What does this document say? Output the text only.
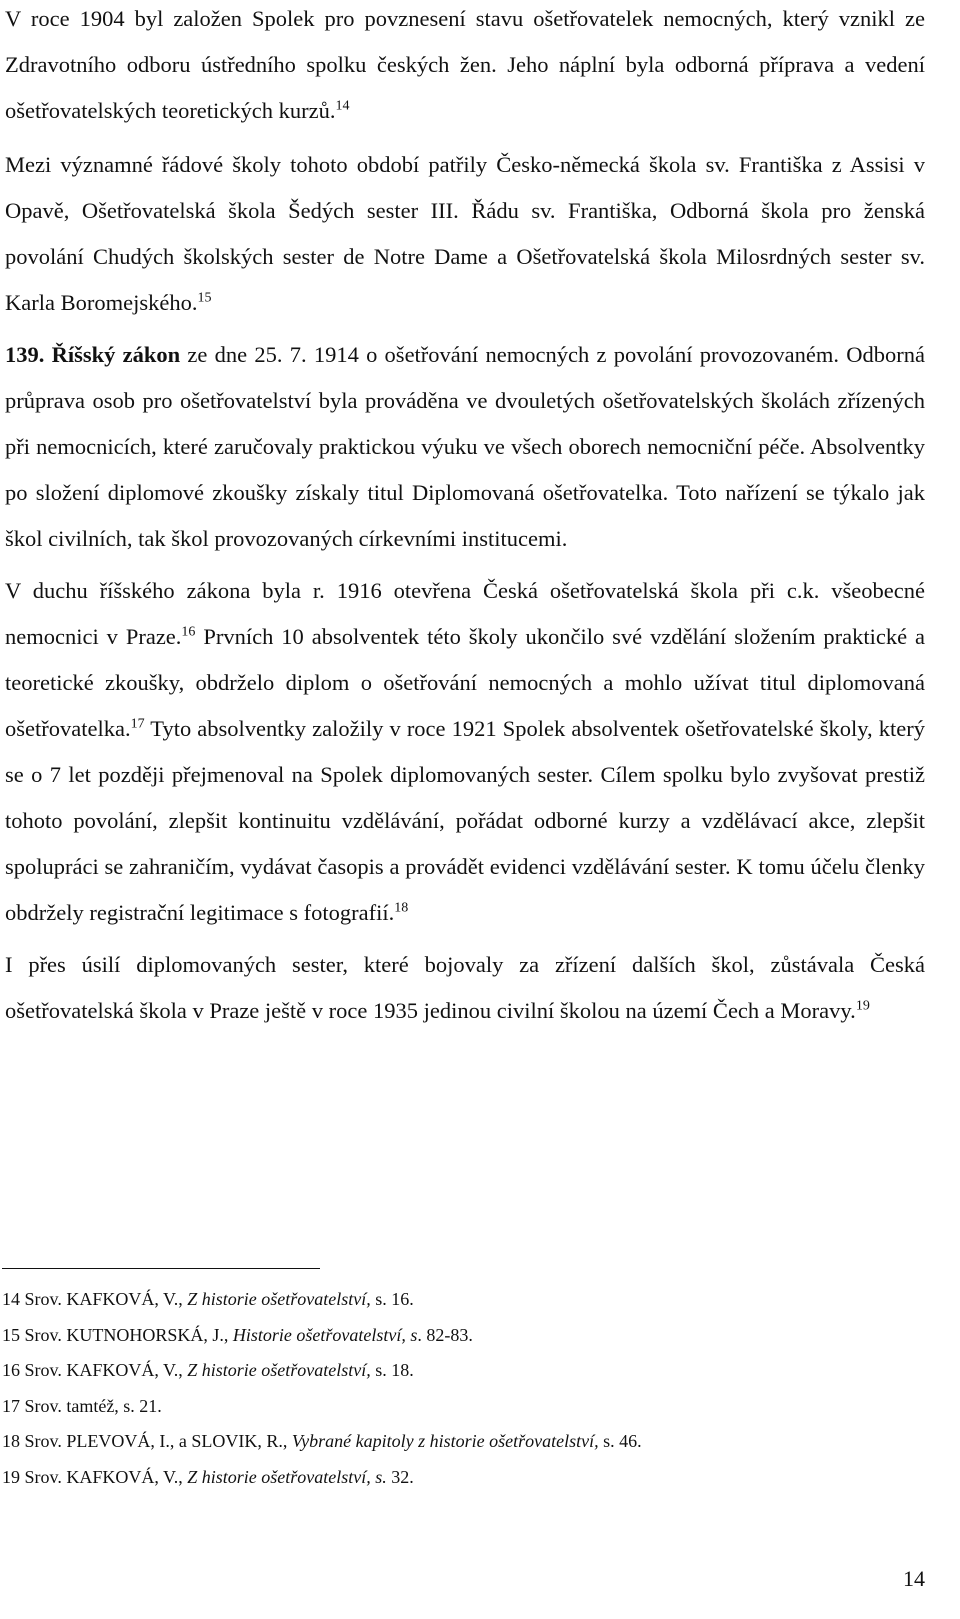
V roce 1904 byl založen Spolek pro povznesení stavu ošetřovatelek nemocných, který vznikl ze Zdravotního odboru ústředního spolku českých žen. Jeho náplní byla odborná příprava a vedení ošetřovatelských teoretických kurzů.$^{14}$

Mezi významné řádové školy tohoto období patřily Česko-německá škola sv. Františka z Assisi v Opavě, Ošetřovatelská škola Šedých sester III. Řádu sv. Františka, Odborná škola pro ženská povolání Chudých školských sester de Notre Dame a Ošetřovatelská škola Milosrdných sester sv. Karla Boromejského.$^{15}$

139. Říšský zákon ze dne 25. 7. 1914 o ošetřování nemocných z povolání provozovaném. Odborná průprava osob pro ošetřovatelství byla prováděna ve dvouletých ošetřovatelských školách zřízených při nemocnicích, které zaručovaly praktickou výuku ve všech oborech nemocniční péče. Absolventky po složení diplomové zkoušky získaly titul Diplomovaná ošetřovatelka. Toto nařízení se týkalo jak škol civilních, tak škol provozovaných církevními institucemi.

V duchu říšského zákona byla r. 1916 otevřena Česká ošetřovatelská škola při c.k. všeobecné nemocnici v Praze.$^{16}$ Prvních 10 absolventek této školy ukončilo své vzdělání složením praktické a teoretické zkoušky, obdrželo diplom o ošetřování nemocných a mohlo užívat titul diplomovaná ošetřovatelka.$^{17}$ Tyto absolventky založily v roce 1921 Spolek absolventek ošetřovatelské školy, který se o 7 let později přejmenoval na Spolek diplomovaných sester. Cílem spolku bylo zvyšovat prestiž tohoto povolání, zlepšit kontinuitu vzdělávání, pořádat odborné kurzy a vzdělávací akce, zlepšit spolupráci se zahraničím, vydávat časopis a provádět evidenci vzdělávání sester. K tomu účelu členky obdržely registrační legitimace s fotografií.$^{18}$

I přes úsilí diplomovaných sester, které bojovaly za zřízení dalších škol, zůstávala Česká ošetřovatelská škola v Praze ještě v roce 1935 jedinou civilní školou na území Čech a Moravy.$^{19}$

14 Srov. KAFKOVÁ, V., Z historie ošetřovatelství, s. 16.

15 Srov. KUTNOHORSKÁ, J., Historie ošetřovatelství, s. 82-83.

16 Srov. KAFKOVÁ, V., Z historie ošetřovatelství, s. 18.

17 Srov. tamtéž, s. 21.

18 Srov. PLEVOVÁ, I., a SLOVIK, R., Vybrané kapitoly z historie ošetřovatelství, s. 46.

19 Srov. KAFKOVÁ, V., Z historie ošetřovatelství, s. 32.

14
